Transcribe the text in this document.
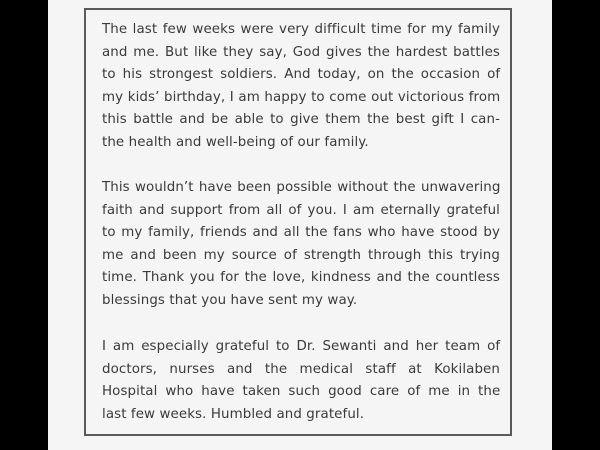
The last few weeks were very difficult time for my family
and me. But like they say, God gives the hardest battles
to his strongest soldiers. And today, on the occasion of
my kids’ birthday, I am happy to come out victorious from
this battle and be able to give them the best gift I can-
the health and well-being of our family.

This wouldn’t have been possible without the unwavering
faith and support from all of you. I am eternally grateful
to my family, friends and all the fans who have stood by
me and been my source of strength through this trying
time. Thank you for the love, kindness and the countless
blessings that you have sent my way.

I am especially grateful to Dr. Sewanti and her team of
doctors, nurses and the medical staff at Kokilaben
Hospital who have taken such good care of me in the
last few weeks. Humbled and grateful.
